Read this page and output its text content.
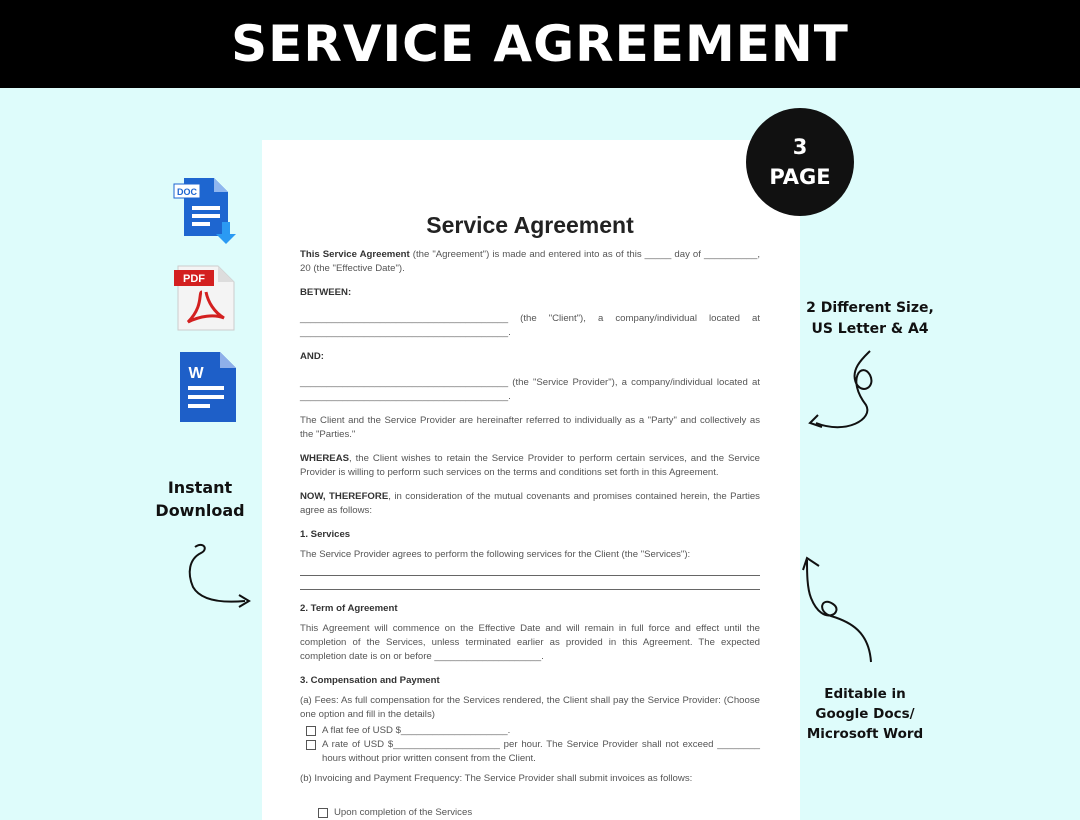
SERVICE AGREEMENT
Service Agreement

This Service Agreement (the "Agreement") is made and entered into as of this _____ day of __________, 20 (the "Effective Date").

BETWEEN:

_______________________________________ (the "Client"), a company/individual located at _______________________________________.

AND:

_______________________________________ (the "Service Provider"), a company/individual located at _______________________________________.

The Client and the Service Provider are hereinafter referred to individually as a "Party" and collectively as the "Parties."

WHEREAS, the Client wishes to retain the Service Provider to perform certain services, and the Service Provider is willing to perform such services on the terms and conditions set forth in this Agreement.

NOW, THEREFORE, in consideration of the mutual covenants and promises contained herein, the Parties agree as follows:

1. Services

The Service Provider agrees to perform the following services for the Client (the "Services"):

2. Term of Agreement

This Agreement will commence on the Effective Date and will remain in full force and effect until the completion of the Services, unless terminated earlier as provided in this Agreement. The expected completion date is on or before ____________________.

3. Compensation and Payment

(a) Fees: As full compensation for the Services rendered, the Client shall pay the Service Provider: (Choose one option and fill in the details)

A flat fee of USD $____________________.
A rate of USD $____________________ per hour. The Service Provider shall not exceed ________ hours without prior written consent from the Client.

(b) Invoicing and Payment Frequency: The Service Provider shall submit invoices as follows:

Upon completion of the Services
3
PAGE
DOC
PDF
W
Instant
Download
2 Different Size,
US Letter & A4
Editable in
Google Docs/
Microsoft Word
